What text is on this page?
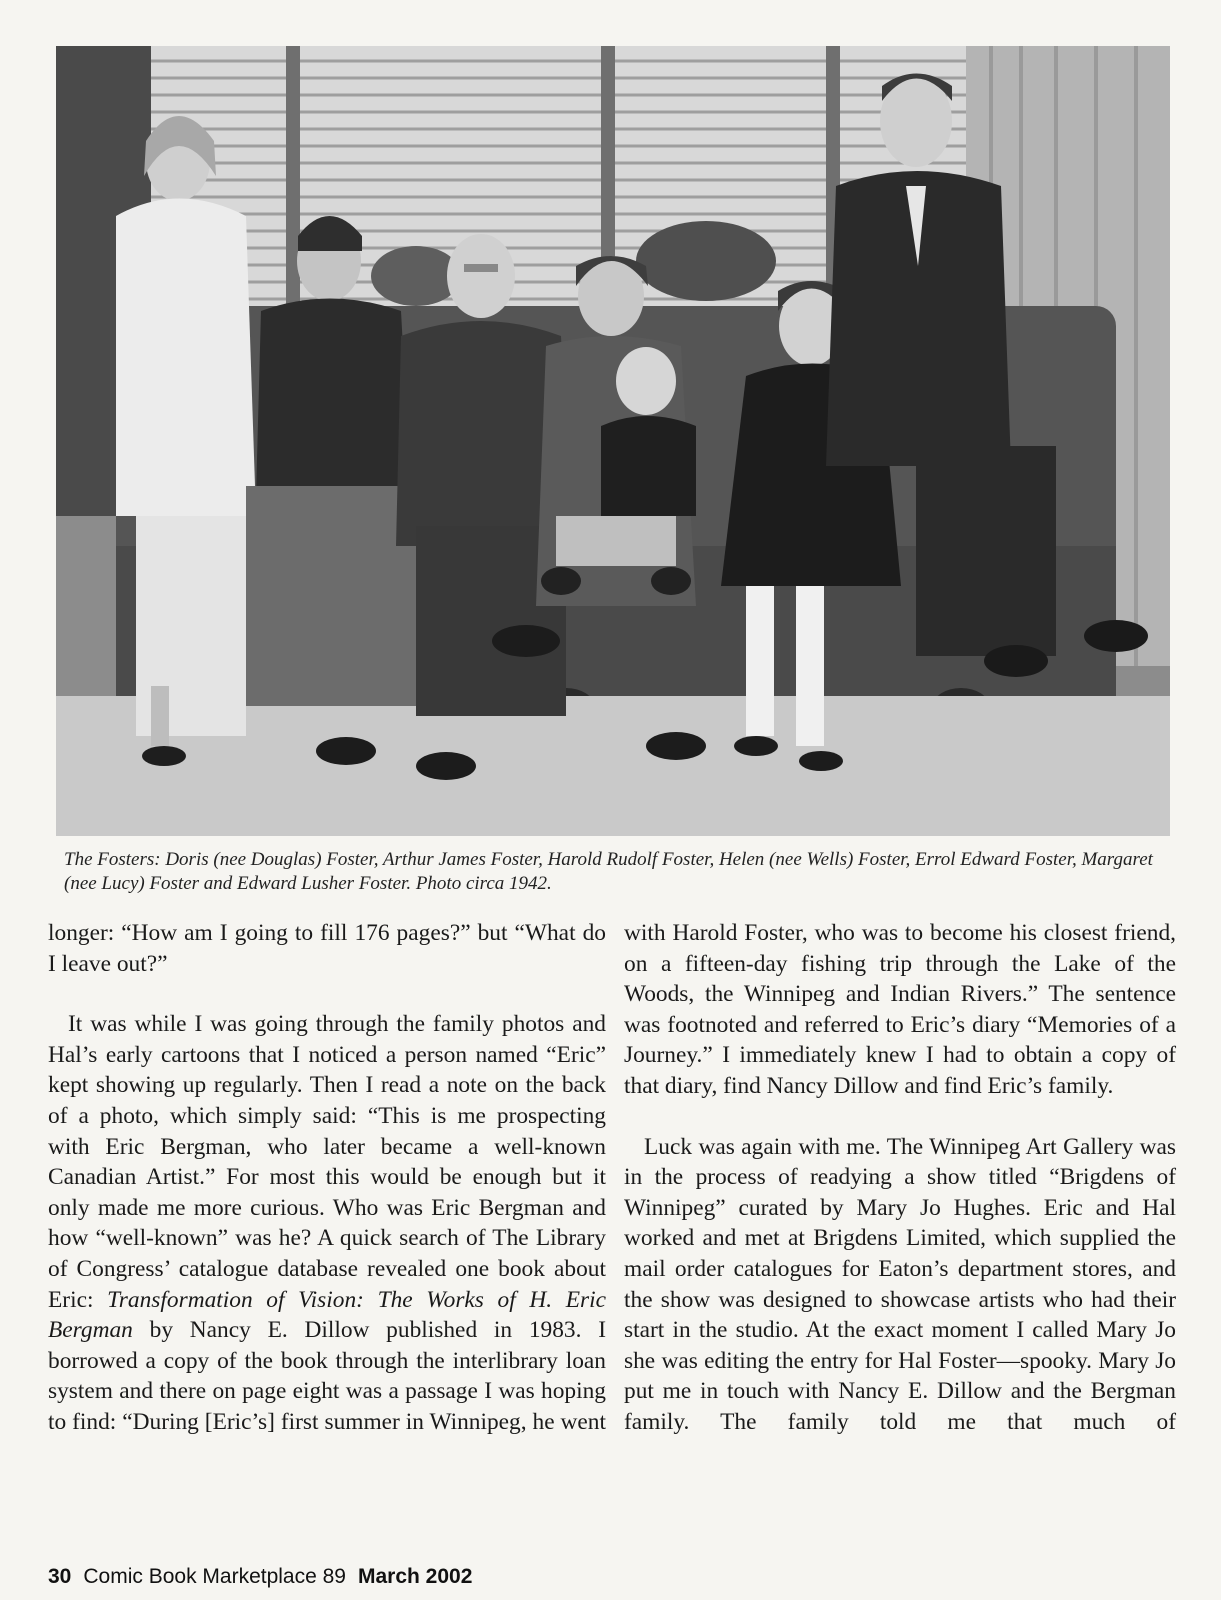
The Fosters: Doris (nee Douglas) Foster, Arthur James Foster, Harold Rudolf Foster, Helen (nee Wells) Foster, Errol Edward Foster, Margaret (nee Lucy) Foster and Edward Lusher Foster. Photo circa 1942.

longer: “How am I going to fill 176 pages?” but “What do I leave out?”

It was while I was going through the family photos and Hal’s early cartoons that I noticed a person named “Eric” kept showing up regularly. Then I read a note on the back of a photo, which simply said: “This is me prospecting with Eric Bergman, who later became a well-known Canadian Artist.” For most this would be enough but it only made me more curious. Who was Eric Bergman and how “well-known” was he? A quick search of The Library of Congress’ catalogue database revealed one book about Eric: Transformation of Vision: The Works of H. Eric Bergman by Nancy E. Dillow published in 1983. I borrowed a copy of the book through the interlibrary loan system and there on page eight was a passage I was hoping to find: “During [Eric’s] first summer in Winnipeg, he went

with Harold Foster, who was to become his closest friend, on a fifteen-day fishing trip through the Lake of the Woods, the Winnipeg and Indian Rivers.” The sentence was footnoted and referred to Eric’s diary “Memories of a Journey.” I immediately knew I had to obtain a copy of that diary, find Nancy Dillow and find Eric’s family.

Luck was again with me. The Winnipeg Art Gallery was in the process of readying a show titled “Brigdens of Winnipeg” curated by Mary Jo Hughes. Eric and Hal worked and met at Brigdens Limited, which supplied the mail order catalogues for Eaton’s department stores, and the show was designed to showcase artists who had their start in the studio. At the exact moment I called Mary Jo she was editing the entry for Hal Foster—spooky. Mary Jo put me in touch with Nancy E. Dillow and the Bergman family. The family told me that much of

30 Comic Book Marketplace 89 March 2002
